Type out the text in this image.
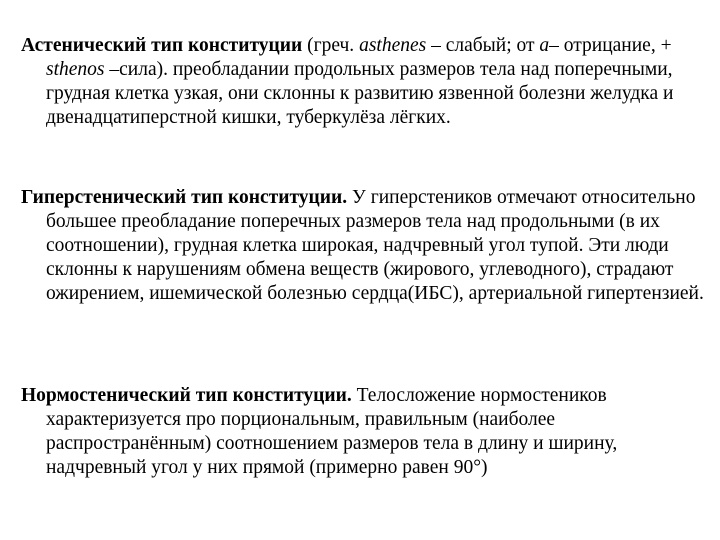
Астенический тип конституции (греч. asthenes – слабый; от а– отрицание, + sthenos –сила). преобладании продольных размеров тела над поперечными, грудная клетка узкая, они склонны к развитию язвенной болезни желудка и двенадцатиперстной кишки, туберкулёза лёгких.

Гиперстенический тип конституции. У гиперстеников отмечают относительно большее преобладание поперечных размеров тела над продольными (в их соотношении), грудная клетка широкая, надчревный угол тупой. Эти люди склонны к нарушениям обмена веществ (жирового, углеводного), страдают ожирением, ишемической болезнью сердца(ИБС), артериальной гипертензией.

Нормостенический тип конституции. Телосложение нормостеников характеризуется про порциональным, правильным (наиболее распространённым) соотношением размеров тела в длину и ширину, надчревный угол у них прямой (примерно равен 90°)
